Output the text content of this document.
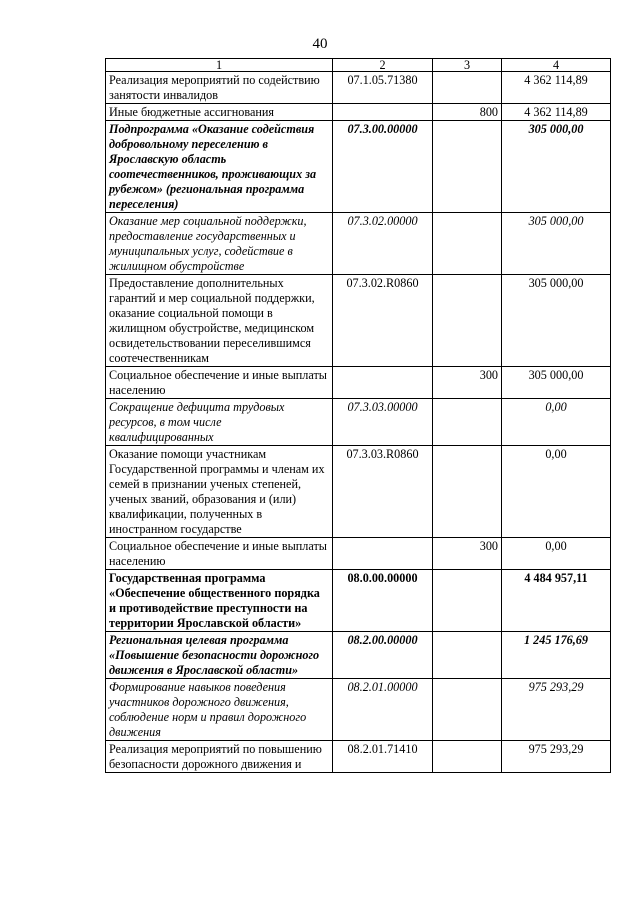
40
1	2	3	4
Реализация мероприятий по содействию занятости инвалидов	07.1.05.71380		4 362 114,89
Иные бюджетные ассигнования		800	4 362 114,89
Подпрограмма «Оказание содействия добровольному переселению в Ярославскую область соотечественников, проживающих за рубежом» (региональная программа переселения)	07.3.00.00000		305 000,00
Оказание мер социальной поддержки, предоставление государственных и муниципальных услуг, содействие в жилищном обустройстве	07.3.02.00000		305 000,00
Предоставление дополнительных гарантий и мер социальной поддержки, оказание социальной помощи в жилищном обустройстве, медицинском освидетельствовании переселившимся соотечественникам	07.3.02.R0860		305 000,00
Социальное обеспечение и иные выплаты населению		300	305 000,00
Сокращение дефицита трудовых ресурсов, в том числе квалифицированных	07.3.03.00000		0,00
Оказание помощи участникам Государственной программы и членам их семей в признании ученых степеней, ученых званий, образования и (или) квалификации, полученных в иностранном государстве	07.3.03.R0860		0,00
Социальное обеспечение и иные выплаты населению		300	0,00
Государственная программа «Обеспечение общественного порядка и противодействие преступности на территории Ярославской области»	08.0.00.00000		4 484 957,11
Региональная целевая программа «Повышение безопасности дорожного движения в Ярославской области»	08.2.00.00000		1 245 176,69
Формирование навыков поведения участников дорожного движения, соблюдение норм и правил дорожного движения	08.2.01.00000		975 293,29
Реализация мероприятий по повышению безопасности дорожного движения и	08.2.01.71410		975 293,29
